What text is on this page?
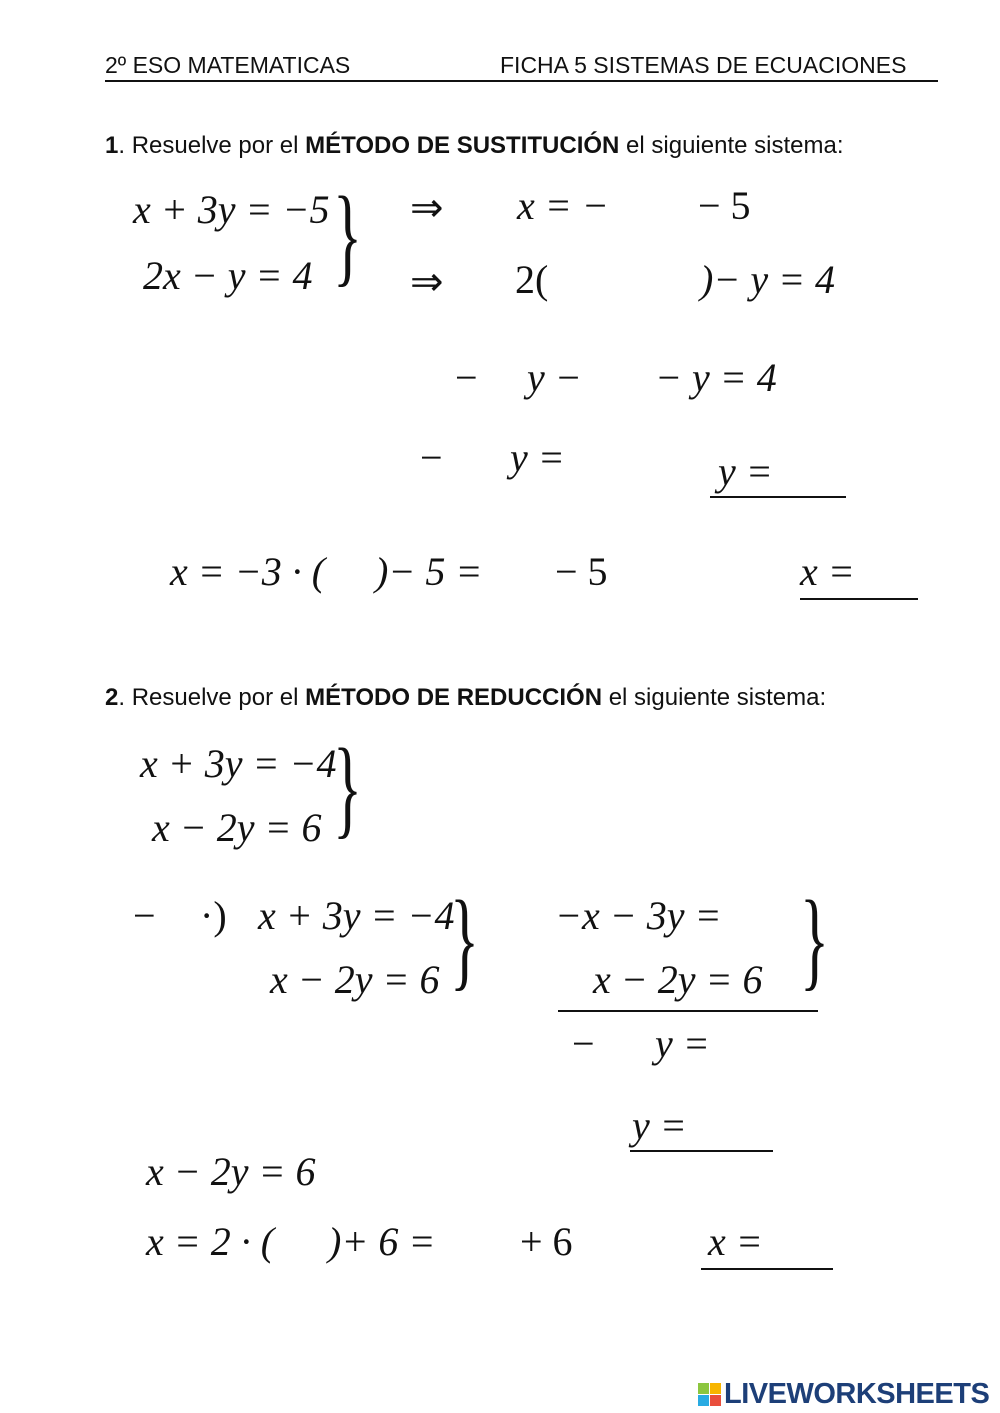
2º ESO MATEMATICAS	FICHA 5 SISTEMAS DE ECUACIONES
1. Resuelve por el MÉTODO DE SUSTITUCIÓN el siguiente sistema:
x + 3y = −5
2x − y = 4 } ⇒
⇒
x = − − 5
2(	)− y = 4
− y − − y = 4
− y =	y =
x = −3 · ( )− 5 = − 5	x =
2. Resuelve por el MÉTODO DE REDUCCIÓN el siguiente sistema:
x + 3y = −4
x − 2y = 6 }
− ·) x + 3y = −4
x − 2y = 6 } −x − 3y =
x − 2y = 6 }
− y =
y =
x − 2y = 6
x = 2 · ( )+ 6 = + 6	x =
LIVEWORKSHEETS
